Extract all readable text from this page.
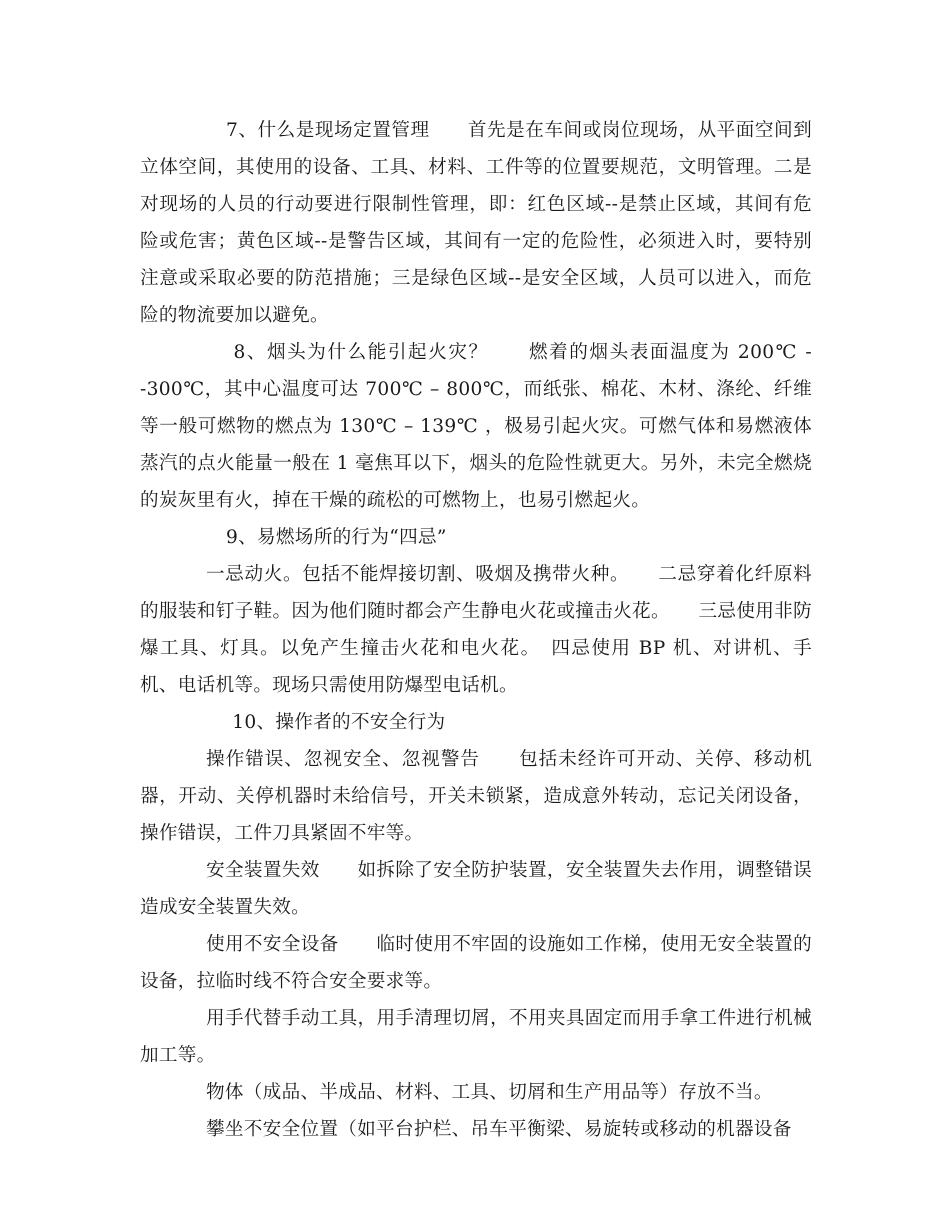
7、什么是现场定置管理　　首先是在车间或岗位现场，从平面空间到立体空间，其使用的设备、工具、材料、工件等的位置要规范，文明管理。二是对现场的人员的行动要进行限制性管理，即：红色区域--是禁止区域，其间有危险或危害；黄色区域--是警告区域，其间有一定的危险性，必须进入时，要特别注意或采取必要的防范措施；三是绿色区域--是安全区域，人员可以进入，而危险的物流要加以避免。

8、烟头为什么能引起火灾？　　燃着的烟头表面温度为 200℃ --300℃，其中心温度可达 700℃ – 800℃，而纸张、棉花、木材、涤纶、纤维等一般可燃物的燃点为 130℃ – 139℃ ，极易引起火灾。可燃气体和易燃液体蒸汽的点火能量一般在 1 毫焦耳以下，烟头的危险性就更大。另外，未完全燃烧的炭灰里有火，掉在干燥的疏松的可燃物上，也易引燃起火。

9、易燃场所的行为“四忌”

一忌动火。包括不能焊接切割、吸烟及携带火种。　　二忌穿着化纤原料的服装和钉子鞋。因为他们随时都会产生静电火花或撞击火花。　　三忌使用非防爆工具、灯具。以免产生撞击火花和电火花。　四忌使用 BP 机、对讲机、手机、电话机等。现场只需使用防爆型电话机。

10、操作者的不安全行为

操作错误、忽视安全、忽视警告　　包括未经许可开动、关停、移动机器，开动、关停机器时未给信号，开关未锁紧，造成意外转动，忘记关闭设备，操作错误，工件刀具紧固不牢等。

安全装置失效　　如拆除了安全防护装置，安全装置失去作用，调整错误造成安全装置失效。

使用不安全设备　　临时使用不牢固的设施如工作梯，使用无安全装置的设备，拉临时线不符合安全要求等。

用手代替手动工具，用手清理切屑，不用夹具固定而用手拿工件进行机械加工等。

物体（成品、半成品、材料、工具、切屑和生产用品等）存放不当。

攀坐不安全位置（如平台护栏、吊车平衡梁、易旋转或移动的机器设备
